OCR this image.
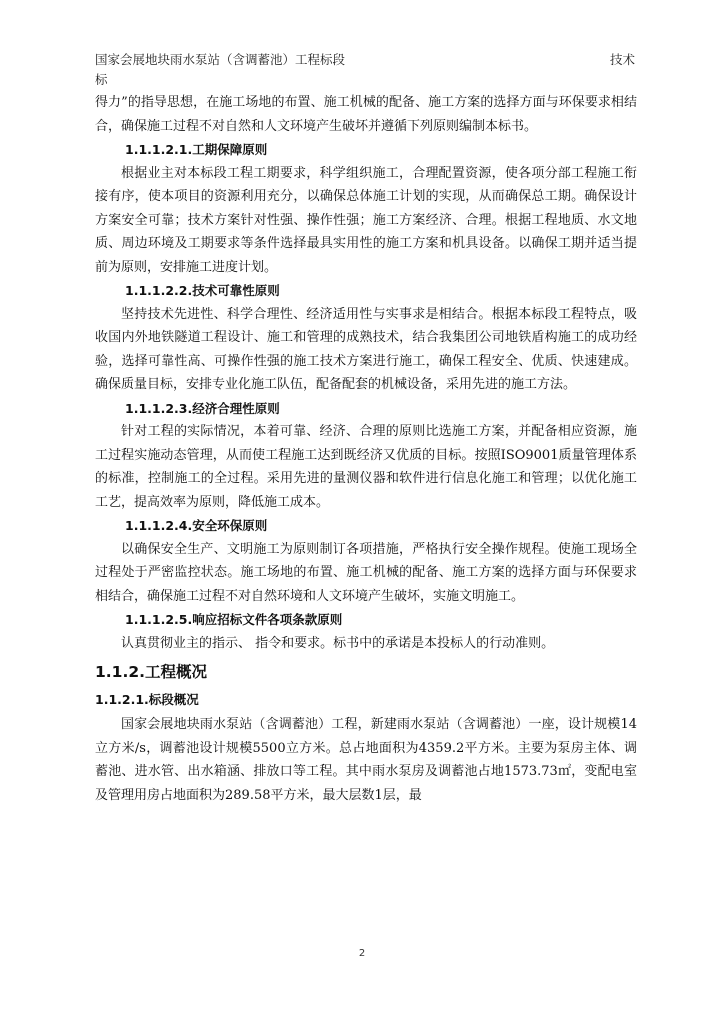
国家会展地块雨水泵站（含调蓄池）工程标段	技术
标

得力”的指导思想，在施工场地的布置、施工机械的配备、施工方案的选择方面与环保要求相结合，确保施工过程不对自然和人文环境产生破坏并遵循下列原则编制本标书。

1.1.1.2.1.工期保障原则

根据业主对本标段工程工期要求，科学组织施工，合理配置资源，使各项分部工程施工衔接有序，使本项目的资源利用充分，以确保总体施工计划的实现，从而确保总工期。确保设计方案安全可靠；技术方案针对性强、操作性强；施工方案经济、合理。根据工程地质、水文地质、周边环境及工期要求等条件选择最具实用性的施工方案和机具设备。以确保工期并适当提前为原则，安排施工进度计划。

1.1.1.2.2.技术可靠性原则

坚持技术先进性、科学合理性、经济适用性与实事求是相结合。根据本标段工程特点，吸收国内外地铁隧道工程设计、施工和管理的成熟技术，结合我集团公司地铁盾构施工的成功经验，选择可靠性高、可操作性强的施工技术方案进行施工，确保工程安全、优质、快速建成。确保质量目标，安排专业化施工队伍，配备配套的机械设备，采用先进的施工方法。

1.1.1.2.3.经济合理性原则

针对工程的实际情况，本着可靠、经济、合理的原则比选施工方案，并配备相应资源，施工过程实施动态管理，从而使工程施工达到既经济又优质的目标。按照ISO9001质量管理体系的标准，控制施工的全过程。采用先进的量测仪器和软件进行信息化施工和管理；以优化施工工艺，提高效率为原则，降低施工成本。

1.1.1.2.4.安全环保原则

以确保安全生产、文明施工为原则制订各项措施，严格执行安全操作规程。使施工现场全过程处于严密监控状态。施工场地的布置、施工机械的配备、施工方案的选择方面与环保要求相结合，确保施工过程不对自然环境和人文环境产生破坏，实施文明施工。

1.1.1.2.5.响应招标文件各项条款原则

认真贯彻业主的指示、 指令和要求。标书中的承诺是本投标人的行动准则。

1.1.2.工程概况
1.1.2.1.标段概况

国家会展地块雨水泵站（含调蓄池）工程，新建雨水泵站（含调蓄池）一座，设计规模14立方米/s，调蓄池设计规模5500立方米。总占地面积为4359.2平方米。主要为泵房主体、调蓄池、进水管、出水箱涵、排放口等工程。其中雨水泵房及调蓄池占地1573.73㎡，变配电室及管理用房占地面积为289.58平方米，最大层数1层，最

2
